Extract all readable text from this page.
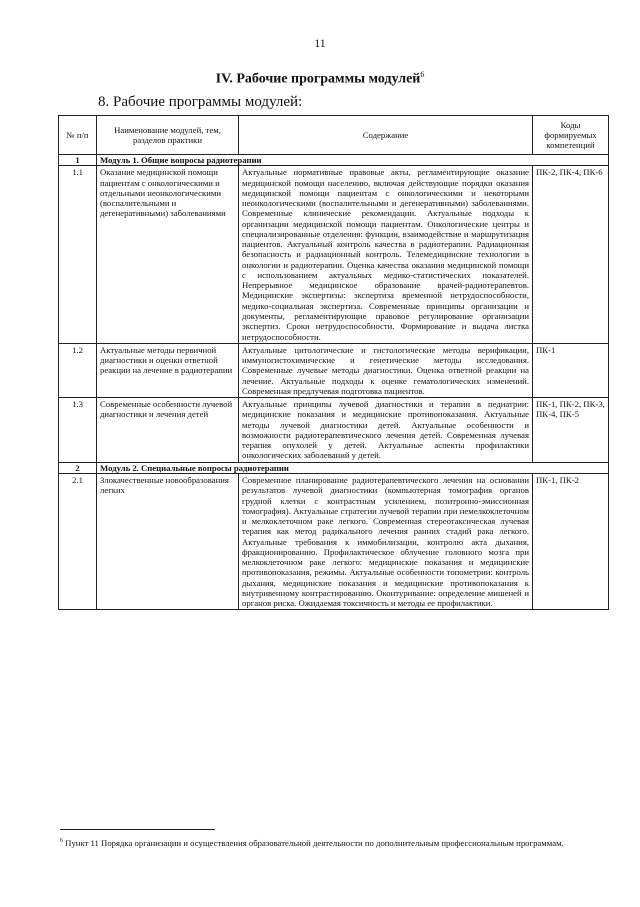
11
IV. Рабочие программы модулей$^6$
8. Рабочие программы модулей:
№ п/п	Наименование модулей, тем, разделов практики	Содержание	Коды формируемых компетенций
1	Модуль 1. Общие вопросы радиотерапии		
1.1	Оказание медицинской помощи пациентам с онкологическими и отдельными неонкологическими (воспалительными и дегенеративными) заболеваниями	Актуальные нормативные правовые акты, регламентирующие оказание медицинской помощи населению, включая действующие порядки оказания медицинской помощи пациентам с онкологическими и некоторыми неонкологическими (воспалительными и дегенеративными) заболеваниями. Современные клинические рекомендации. Актуальные подходы к организации медицинской помощи пациентам. Онкологические центры и специализированные отделения: функции, взаимодействие и маршрутизация пациентов. Актуальный контроль качества в радиотерапии. Радиационная безопасность и радиационный контроль. Телемедицинские технологии в онкологии и радиотерапии. Оценка качества оказания медицинской помощи с использованием актуальных медико-статистических показателей. Непрерывное медицинское образование врачей-радиотерапевтов. Медицинские экспертизы: экспертиза временной нетрудоспособности, медико-социальная экспертиза. Современные принципы организации и документы, регламентирующие правовое регулирование организации экспертиз. Сроки нетрудоспособности. Формирование и выдача листка нетрудоспособности.	ПК-2, ПК-4, ПК-6
1.2	Актуальные методы первичной диагностики и оценки ответной реакции на лечение в радиотерапии	Актуальные цитологические и гистологические методы верификации, иммуногистохимические и генетические методы исследования. Современные лучевые методы диагностики. Оценка ответной реакции на лечение. Актуальные подходы к оценке гематологических изменений. Современная предлучевая подготовка пациентов.	ПК-1
1.3	Современные особенности лучевой диагностики и лечения детей	Актуальные принципы лучевой диагностики и терапии в педиатрии: медицинские показания и медицинские противопоказания. Актуальные методы лучевой диагностики детей. Актуальные особенности и возможности радиотерапевтического лечения детей. Современная лучевая терапия опухолей у детей. Актуальные аспекты профилактики онкологических заболеваний у детей.	ПК-1, ПК-2, ПК-3, ПК-4, ПК-5
2	Модуль 2. Специальные вопросы радиотерапии		
2.1	Злокачественные новообразования легких	Современное планирование радиотерапевтического лечения на основании результатов лучевой диагностики (компьютерная томография органов грудной клетки с контрастным усилением, позитронно-эмиссионная томография). Актуальные стратегии лучевой терапии при немелкоклеточном и мелкоклеточном раке легкого. Современная стереотаксическая лучевая терапия как метод радикального лечения ранних стадий рака легкого. Актуальные требования к иммобилизации, контролю акта дыхания, фракционированию. Профилактическое облучение головного мозга при мелкоклеточном раке легкого: медицинские показания и медицинские противопоказания, режимы. Актуальные особенности топометрии: контроль дыхания, медицинские показания и медицинские противопоказания к внутривенному контрастированию. Оконтуривание: определение мишеней и органов риска. Ожидаемая токсичность и методы ее профилактики.	ПК-1, ПК-2
$^6$ Пункт 11 Порядка организации и осуществления образовательной деятельности по дополнительным профессиональным программам.
